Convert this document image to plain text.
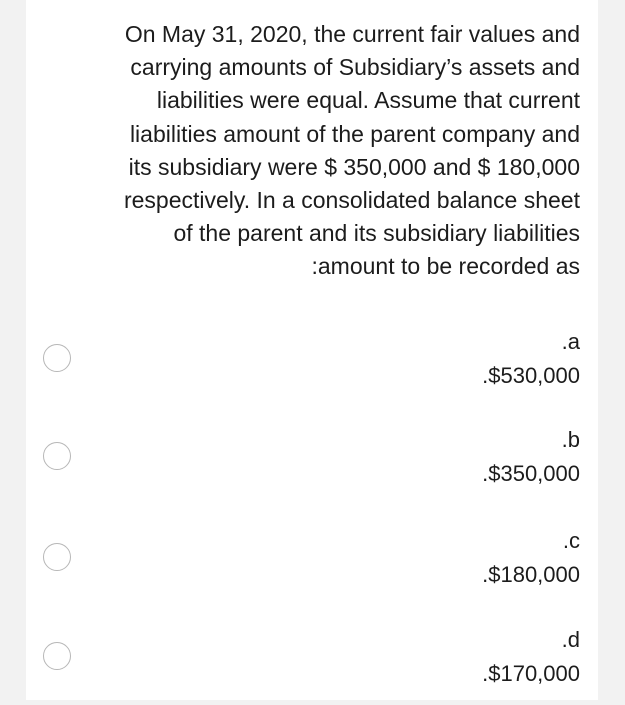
On May 31, 2020, the current fair values and
carrying amounts of Subsidiary’s assets and
liabilities were equal. Assume that current
liabilities amount of the parent company and
its subsidiary were $ 350,000 and $ 180,000
respectively. In a consolidated balance sheet
of the parent and its subsidiary liabilities
:amount to be recorded as

.a
.$530,000
.b
.$350,000
.c
.$180,000
.d
.$170,000
